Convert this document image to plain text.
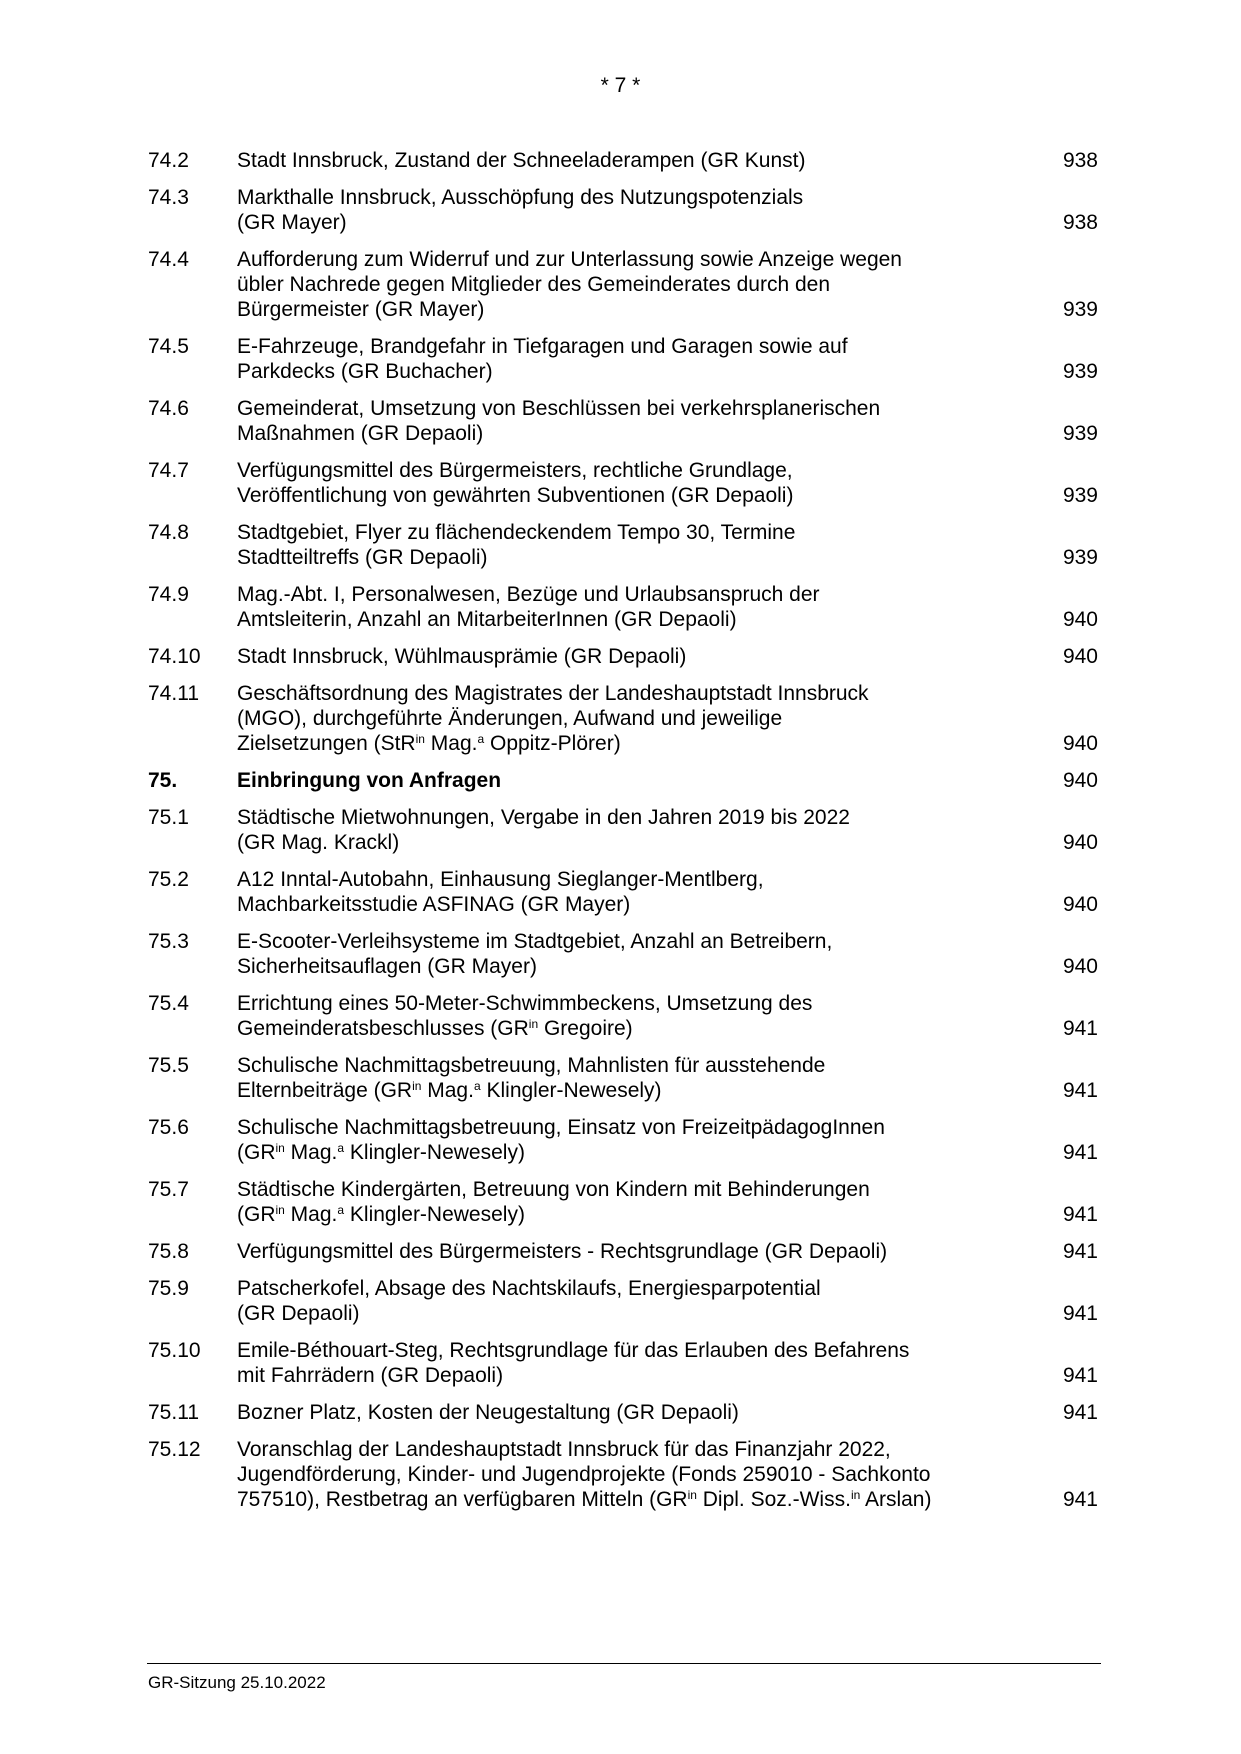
* 7 *
74.2	Stadt Innsbruck, Zustand der Schneeladerampen (GR Kunst)	938
74.3	Markthalle Innsbruck, Ausschöpfung des Nutzungspotenzials
(GR Mayer)	938
74.4	Aufforderung zum Widerruf und zur Unterlassung sowie Anzeige wegen
übler Nachrede gegen Mitglieder des Gemeinderates durch den
Bürgermeister (GR Mayer)	939
74.5	E-Fahrzeuge, Brandgefahr in Tiefgaragen und Garagen sowie auf
Parkdecks (GR Buchacher)	939
74.6	Gemeinderat, Umsetzung von Beschlüssen bei verkehrsplanerischen
Maßnahmen (GR Depaoli)	939
74.7	Verfügungsmittel des Bürgermeisters, rechtliche Grundlage,
Veröffentlichung von gewährten Subventionen (GR Depaoli)	939
74.8	Stadtgebiet, Flyer zu flächendeckendem Tempo 30, Termine
Stadtteiltreffs (GR Depaoli)	939
74.9	Mag.-Abt. I, Personalwesen, Bezüge und Urlaubsanspruch der
Amtsleiterin, Anzahl an MitarbeiterInnen (GR Depaoli)	940
74.10	Stadt Innsbruck, Wühlmausprämie (GR Depaoli)	940
74.11	Geschäftsordnung des Magistrates der Landeshauptstadt Innsbruck
(MGO), durchgeführte Änderungen, Aufwand und jeweilige
Zielsetzungen (StR$^{in}$ Mag.$^a$ Oppitz-Plörer)	940
75.	Einbringung von Anfragen	940
75.1	Städtische Mietwohnungen, Vergabe in den Jahren 2019 bis 2022
(GR Mag. Krackl)	940
75.2	A12 Inntal-Autobahn, Einhausung Sieglanger-Mentlberg,
Machbarkeitsstudie ASFINAG (GR Mayer)	940
75.3	E-Scooter-Verleihsysteme im Stadtgebiet, Anzahl an Betreibern,
Sicherheitsauflagen (GR Mayer)	940
75.4	Errichtung eines 50-Meter-Schwimmbeckens, Umsetzung des
Gemeinderatsbeschlusses ($GR^{in}$ Gregoire)	941
75.5	Schulische Nachmittagsbetreuung, Mahnlisten für ausstehende
Elternbeiträge ($GR^{in}$ Mag.$^a$ Klingler-Newesely)	941
75.6	Schulische Nachmittagsbetreuung, Einsatz von FreizeitpädagogInnen
($GR^{in}$ Mag.$^a$ Klingler-Newesely)	941
75.7	Städtische Kindergärten, Betreuung von Kindern mit Behinderungen
($GR^{in}$ Mag.$^a$ Klingler-Newesely)	941
75.8	Verfügungsmittel des Bürgermeisters - Rechtsgrundlage (GR Depaoli)	941
75.9	Patscherkofel, Absage des Nachtskilaufs, Energiesparpotential
(GR Depaoli)	941
75.10	Emile-Béthouart-Steg, Rechtsgrundlage für das Erlauben des Befahrens
mit Fahrrädern (GR Depaoli)	941
75.11	Bozner Platz, Kosten der Neugestaltung (GR Depaoli)	941
75.12	Voranschlag der Landeshauptstadt Innsbruck für das Finanzjahr 2022,
Jugendförderung, Kinder- und Jugendprojekte (Fonds 259010 - Sachkonto
757510), Restbetrag an verfügbaren Mitteln ($GR^{in}$ Dipl. Soz.-Wiss.$^{in}$ Arslan)	941
GR-Sitzung 25.10.2022
